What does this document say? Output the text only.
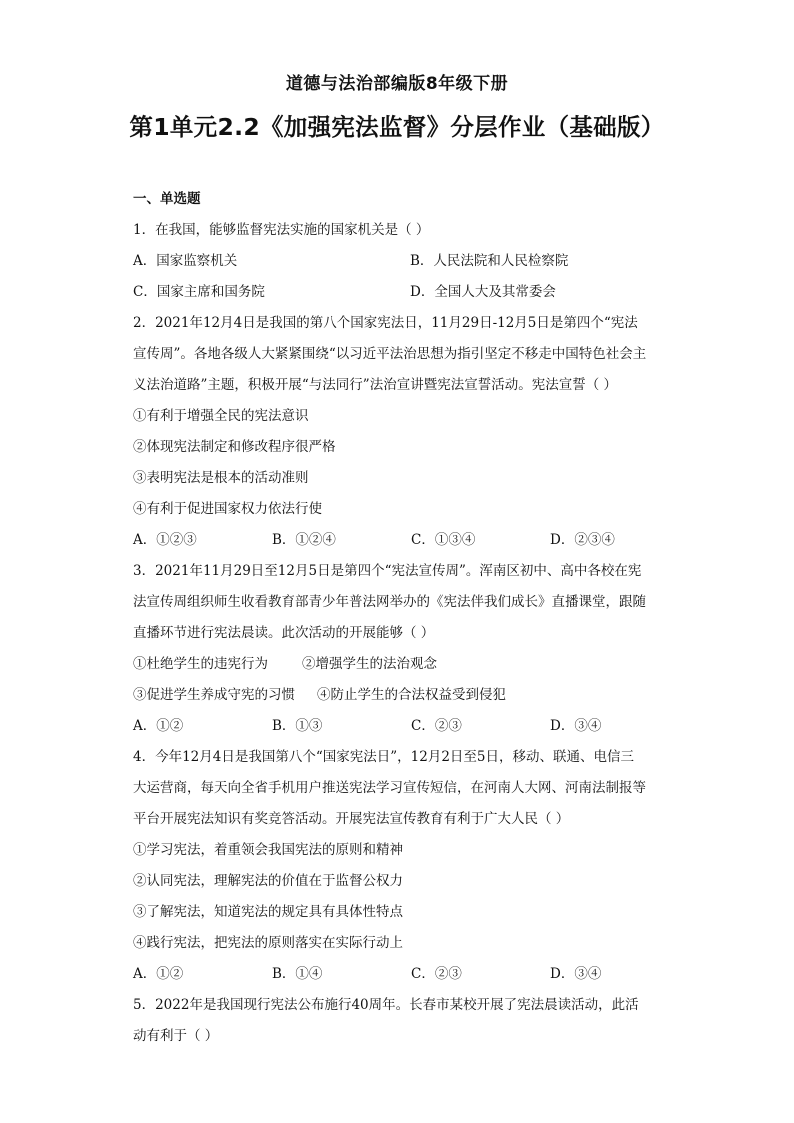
道德与法治部编版8年级下册
第1单元2.2《加强宪法监督》分层作业（基础版）
一、单选题
1．在我国，能够监督宪法实施的国家机关是（ ）
A．国家监察机关	B．人民法院和人民检察院
C．国家主席和国务院	D．全国人大及其常委会
2．2021年12月4日是我国的第八个国家宪法日，11月29日-12月5日是第四个“宪法
宣传周”。各地各级人大紧紧围绕“以习近平法治思想为指引坚定不移走中国特色社会主
义法治道路”主题，积极开展“与法同行”法治宣讲暨宪法宣誓活动。宪法宣誓（ ）
①有利于增强全民的宪法意识
②体现宪法制定和修改程序很严格
③表明宪法是根本的活动准则
④有利于促进国家权力依法行使
A．①②③	B．①②④	C．①③④	D．②③④
3．2021年11月29日至12月5日是第四个“宪法宣传周”。浑南区初中、高中各校在宪
法宣传周组织师生收看教育部青少年普法网举办的《宪法伴我们成长》直播课堂，跟随
直播环节进行宪法晨读。此次活动的开展能够（ ）
①杜绝学生的违宪行为	②增强学生的法治观念
③促进学生养成守宪的习惯	④防止学生的合法权益受到侵犯
A．①②	B．①③	C．②③	D．③④
4．今年12月4日是我国第八个“国家宪法日”，12月2日至5日，移动、联通、电信三
大运营商，每天向全省手机用户推送宪法学习宣传短信，在河南人大网、河南法制报等
平台开展宪法知识有奖竞答活动。开展宪法宣传教育有利于广大人民（ ）
①学习宪法，着重领会我国宪法的原则和精神
②认同宪法，理解宪法的价值在于监督公权力
③了解宪法，知道宪法的规定具有具体性特点
④践行宪法，把宪法的原则落实在实际行动上
A．①②	B．①④	C．②③	D．③④
5．2022年是我国现行宪法公布施行40周年。长春市某校开展了宪法晨读活动，此活
动有利于（ ）
